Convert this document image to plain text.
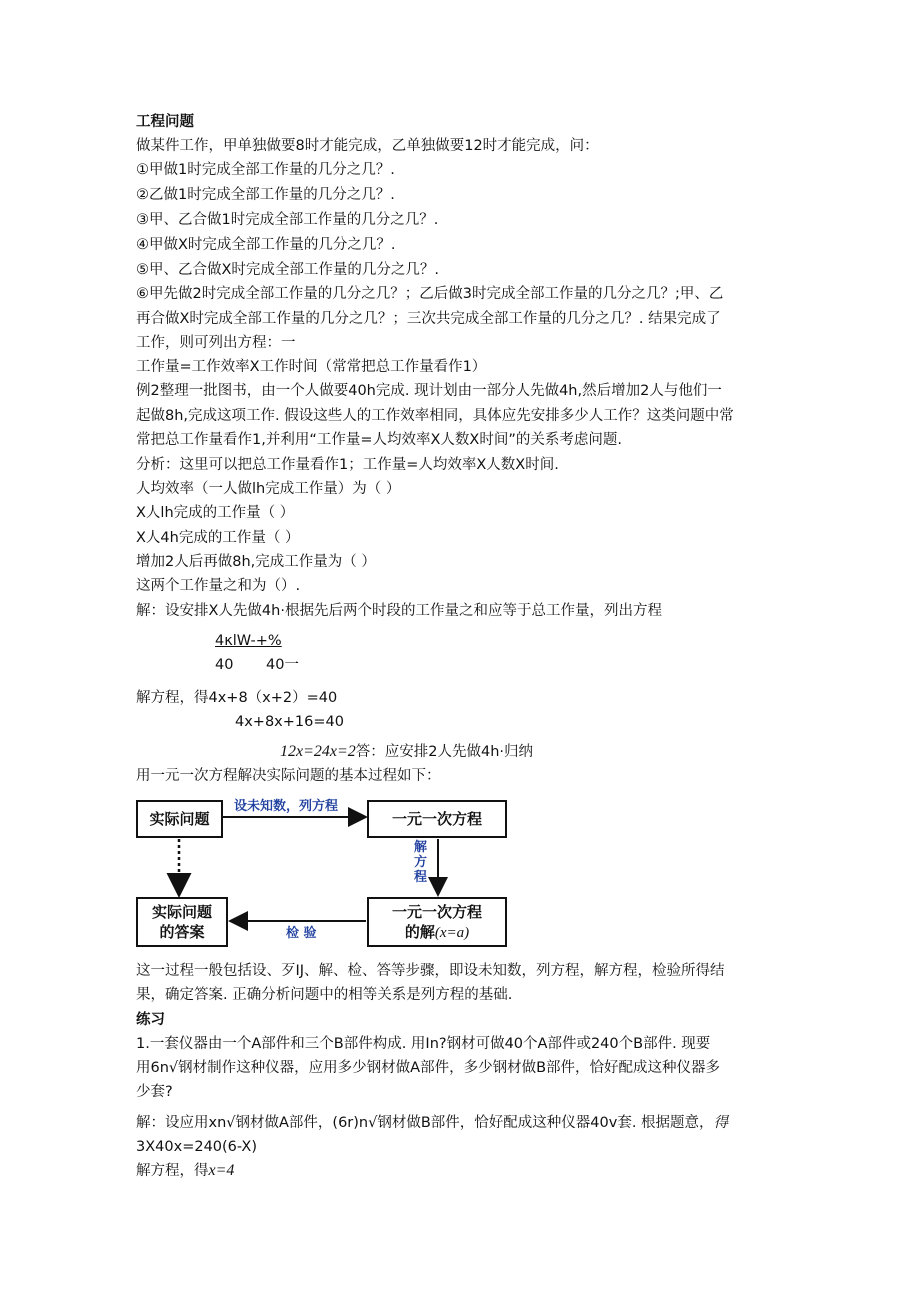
工程问题
做某件工作，甲单独做要8时才能完成，乙单独做要12时才能完成，问：
①甲做1时完成全部工作量的几分之几？.
②乙做1时完成全部工作量的几分之几？.
③甲、乙合做1时完成全部工作量的几分之几？.
④甲做X时完成全部工作量的几分之几？.
⑤甲、乙合做X时完成全部工作量的几分之几？.
⑥甲先做2时完成全部工作量的几分之几？；乙后做3时完成全部工作量的几分之几？;甲、乙
再合做X时完成全部工作量的几分之几？；三次共完成全部工作量的几分之几？. 结果完成了
工作，则可列出方程：一
工作量=工作效率X工作时间（常常把总工作量看作1）
例2整理一批图书，由一个人做要40h完成. 现计划由一部分人先做4h,然后增加2人与他们一
起做8h,完成这项工作. 假设这些人的工作效率相同，具体应先安排多少人工作？这类问题中常
常把总工作量看作1,并利用“工作量=人均效率X人数X时间”的关系考虑问题.
分析：这里可以把总工作量看作1；工作量=人均效率X人数X时间.
人均效率（一人做lh完成工作量）为（ ）
X人lh完成的工作量（ ）
X人4h完成的工作量（ ）
增加2人后再做8h,完成工作量为（ ）
这两个工作量之和为（）.
解：设安排X人先做4h·根据先后两个时段的工作量之和应等于总工作量，列出方程
4κlW-+%
40 40一
解方程，得4x+8（x+2）=40
4x+8x+16=40
12x=24x=2答：应安排2人先做4h·归纳
用一元一次方程解决实际问题的基本过程如下：
实际问题	一元一次方程
实际问题
的答案
一元一次方程
的解(x=a)
设未知数，列方程
解方程
检 验
这一过程一般包括设、歹IJ、解、检、答等步骤，即设未知数，列方程，解方程，检验所得结
果，确定答案. 正确分析问题中的相等关系是列方程的基础.
练习
1.一套仪器由一个A部件和三个B部件构成. 用In?钢材可做40个A部件或240个B部件. 现要
用6n√钢材制作这种仪器，应用多少钢材做A部件，多少钢材做B部件，恰好配成这种仪器多
少套?
解：设应用xn√钢材做A部件，(6r)n√钢材做B部件，恰好配成这种仪器40v套. 根据题意，得
3X40x=240(6-X)
解方程，得x=4
